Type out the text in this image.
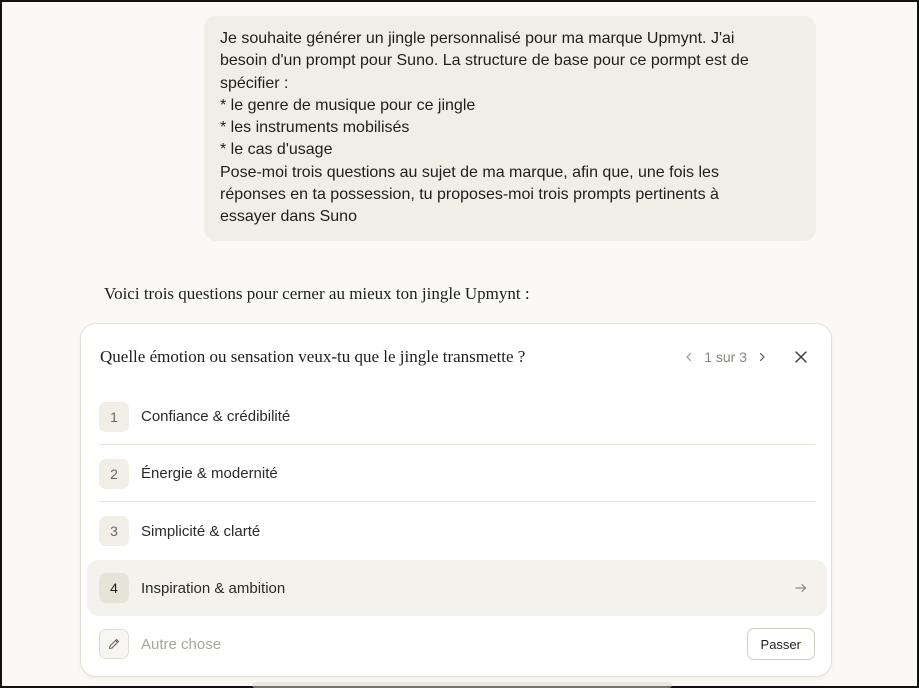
Je souhaite générer un jingle personnalisé pour ma marque Upmynt. J'ai
besoin d'un prompt pour Suno. La structure de base pour ce pormpt est de
spécifier :
* le genre de musique pour ce jingle
* les instruments mobilisés
* le cas d'usage
Pose-moi trois questions au sujet de ma marque, afin que, une fois les
réponses en ta possession, tu proposes-moi trois prompts pertinents à
essayer dans Suno
Voici trois questions pour cerner au mieux ton jingle Upmynt :
Quelle émotion ou sensation veux-tu que le jingle transmette ?	1 sur 3
1	Confiance & crédibilité
2	Énergie & modernité
3	Simplicité & clarté
4	Inspiration & ambition
Autre chose
Passer
